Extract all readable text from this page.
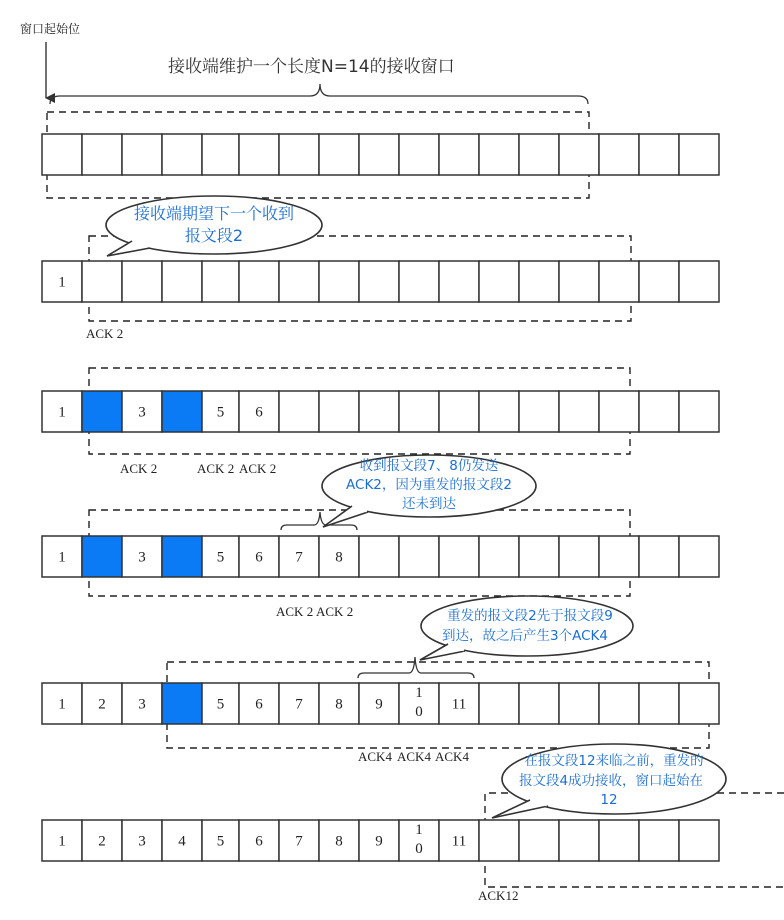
窗口起始位
接收端维护一个长度N=14的接收窗口
1
1	3	5 6
1	3	5 6 7 8
1 2 3	5 6 7 8 9
1
0 11
1 2 3 4 5 6 7 8 9
1
0 11
ACK 2
ACK 2	ACK 2 ACK 2
ACK 2 ACK 2
ACK4 ACK4 ACK4
ACK12
接收端期望下一个收到
报文段2
收到报文段7、8仍发送
ACK2，因为重发的报文段2
还未到达
重发的报文段2先于报文段9
到达，故之后产生3个ACK4
在报文段12来临之前，重发的
报文段4成功接收，窗口起始在
12
